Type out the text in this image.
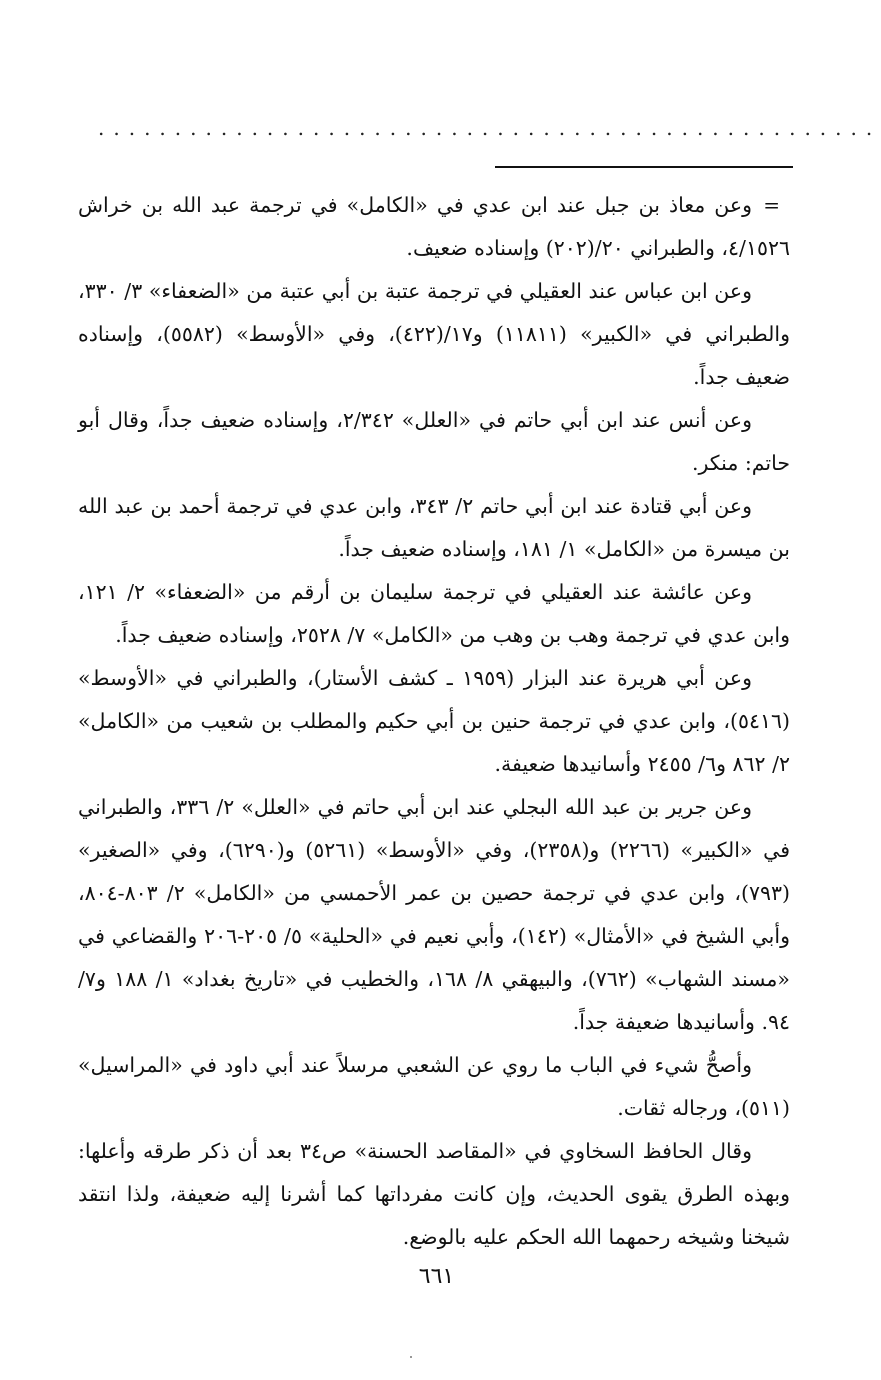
...................................................

=
وعن معاذ بن جبل عند ابن عدي في «الكامل» في ترجمة عبد الله بن خراش ٤/١٥٢٦، والطبراني ٢٠/(٢٠٢) وإسناده ضعيف.

وعن ابن عباس عند العقيلي في ترجمة عتبة بن أبي عتبة من «الضعفاء» ٣/ ٣٣٠، والطبراني في «الكبير» (١١٨١١) و١٧/(٤٢٢)، وفي «الأوسط» (٥٥٨٢)، وإسناده ضعيف جداً.

وعن أنس عند ابن أبي حاتم في «العلل» ٢/٣٤٢، وإسناده ضعيف جداً، وقال أبو حاتم: منكر.

وعن أبي قتادة عند ابن أبي حاتم ٢/ ٣٤٣، وابن عدي في ترجمة أحمد بن عبد الله بن ميسرة من «الكامل» ١/ ١٨١، وإسناده ضعيف جداً.

وعن عائشة عند العقيلي في ترجمة سليمان بن أرقم من «الضعفاء» ٢/ ١٢١، وابن عدي في ترجمة وهب بن وهب من «الكامل» ٧/ ٢٥٢٨، وإسناده ضعيف جداً.

وعن أبي هريرة عند البزار (١٩٥٩ ـ كشف الأستار)، والطبراني في «الأوسط» (٥٤١٦)، وابن عدي في ترجمة حنين بن أبي حكيم والمطلب بن شعيب من «الكامل» ٢/ ٨٦٢ و٦/ ٢٤٥٥ وأسانيدها ضعيفة.

وعن جرير بن عبد الله البجلي عند ابن أبي حاتم في «العلل» ٢/ ٣٣٦، والطبراني في «الكبير» (٢٢٦٦) و(٢٣٥٨)، وفي «الأوسط» (٥٢٦١) و(٦٢٩٠)، وفي «الصغير» (٧٩٣)، وابن عدي في ترجمة حصين بن عمر الأحمسي من «الكامل» ٢/ ٨٠٣-٨٠٤، وأبي الشيخ في «الأمثال» (١٤٢)، وأبي نعيم في «الحلية» ٥/ ٢٠٥-٢٠٦ والقضاعي في «مسند الشهاب» (٧٦٢)، والبيهقي ٨/ ١٦٨، والخطيب في «تاريخ بغداد» ١/ ١٨٨ و٧/ ٩٤. وأسانيدها ضعيفة جداً.

وأصحُّ شيء في الباب ما روي عن الشعبي مرسلاً عند أبي داود في «المراسيل» (٥١١)، ورجاله ثقات.

وقال الحافظ السخاوي في «المقاصد الحسنة» ص٣٤ بعد أن ذكر طرقه وأعلها: وبهذه الطرق يقوى الحديث، وإن كانت مفرداتها كما أشرنا إليه ضعيفة، ولذا انتقد شيخنا وشيخه رحمهما الله الحكم عليه بالوضع.

٦٦١
